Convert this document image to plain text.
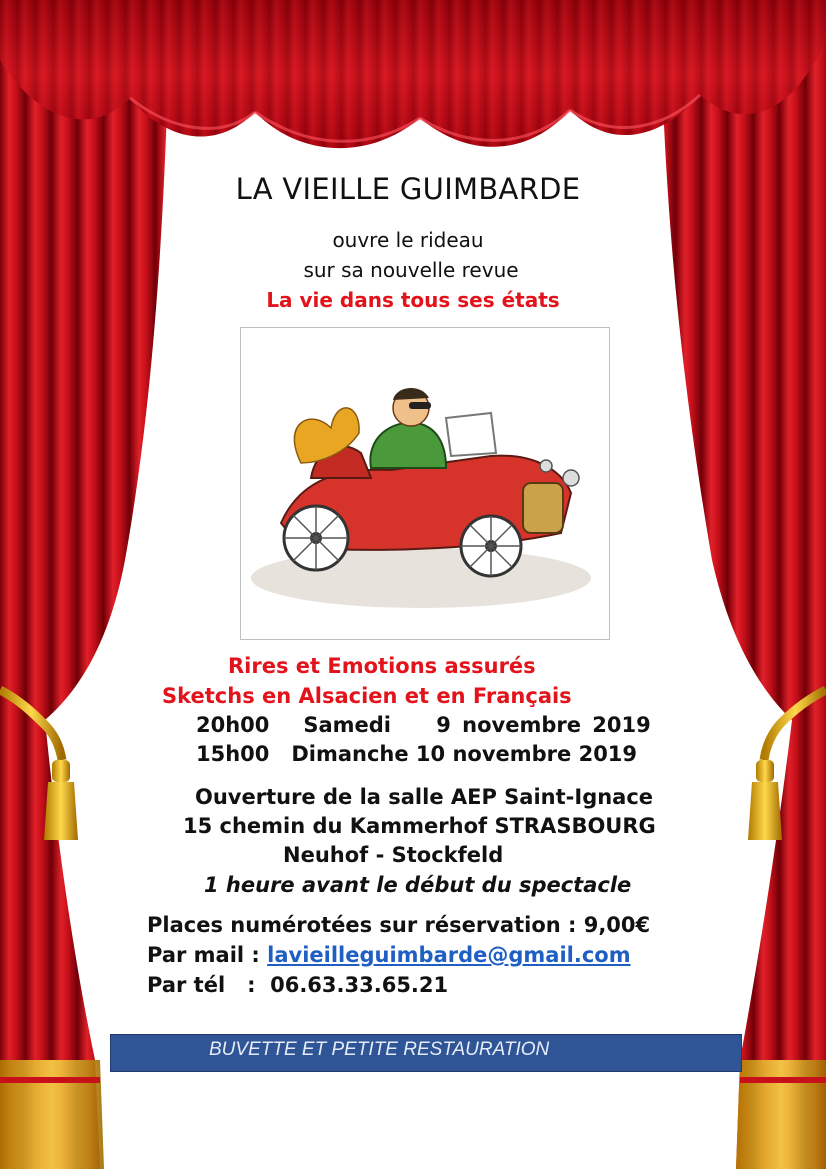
LA VIEILLE GUIMBARDE
ouvre le rideau
sur sa nouvelle revue
La vie dans tous ses états
Rires et Emotions assurés
Sketchs en Alsacien et en Français
20h00   Samedi    9 novembre 2019
15h00   Dimanche 10 novembre 2019
Ouverture de la salle AEP Saint-Ignace
15 chemin du Kammerhof STRASBOURG
Neuhof - Stockfeld
1 heure avant le début du spectacle
Places numérotées sur réservation : 9,00€
Par mail : lavieilleguimbarde@gmail.com
Par tél   :  06.63.33.65.21
BUVETTE ET PETITE RESTAURATION
